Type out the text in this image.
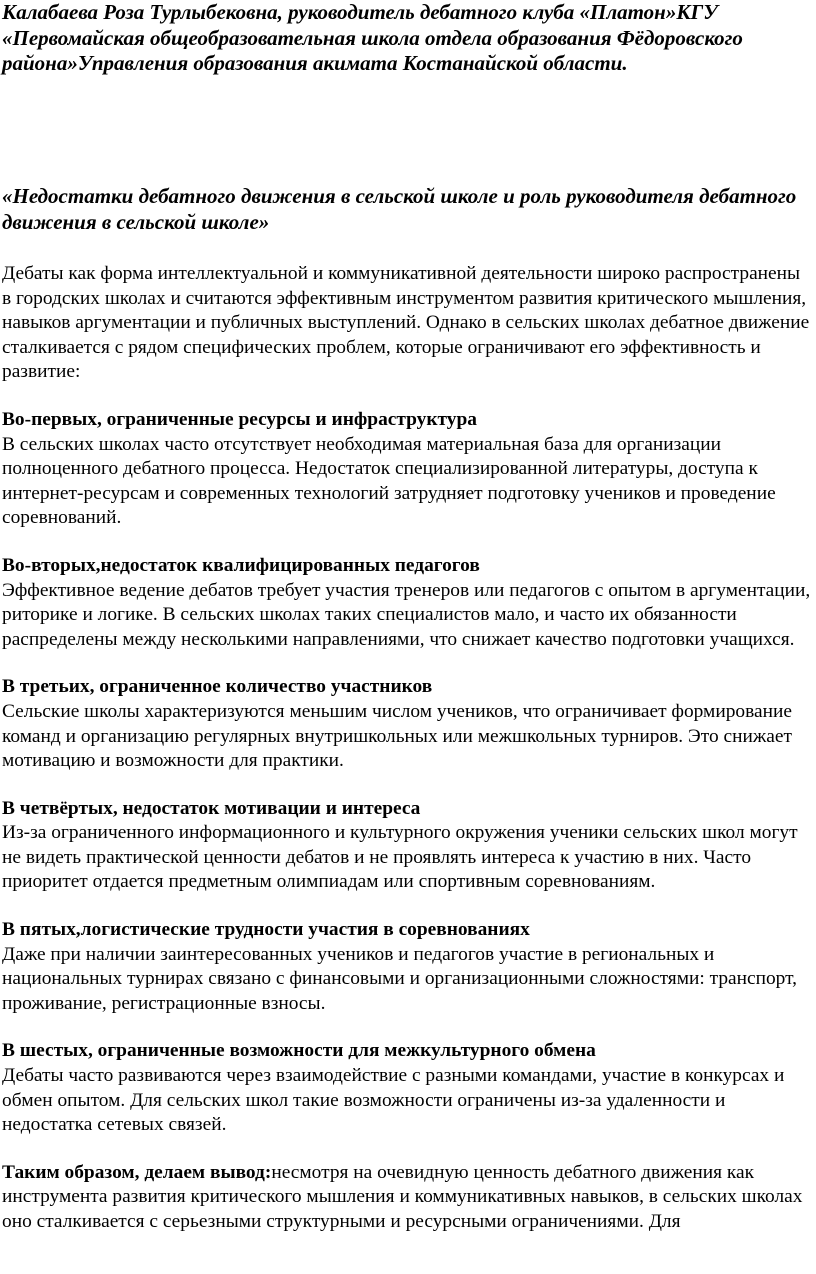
Калабаева Роза Турлыбековна, руководитель дебатного клуба «Платон»КГУ «Первомайская общеобразовательная школа отдела образования Фёдоровского района»Управления образования акимата Костанайской области.

«Недостатки дебатного движения в сельской школе и роль руководителя дебатного движения в сельской школе»

Дебаты как форма интеллектуальной и коммуникативной деятельности широко распространены в городских школах и считаются эффективным инструментом развития критического мышления, навыков аргументации и публичных выступлений. Однако в сельских школах дебатное движение сталкивается с рядом специфических проблем, которые ограничивают его эффективность и развитие:

Во-первых, ограниченные ресурсы и инфраструктура

В сельских школах часто отсутствует необходимая материальная база для организации полноценного дебатного процесса. Недостаток специализированной литературы, доступа к интернет-ресурсам и современных технологий затрудняет подготовку учеников и проведение соревнований.

Во-вторых,недостаток квалифицированных педагогов

Эффективное ведение дебатов требует участия тренеров или педагогов с опытом в аргументации, риторике и логике. В сельских школах таких специалистов мало, и часто их обязанности распределены между несколькими направлениями, что снижает качество подготовки учащихся.

В третьих, ограниченное количество участников

Сельские школы характеризуются меньшим числом учеников, что ограничивает формирование команд и организацию регулярных внутришкольных или межшкольных турниров. Это снижает мотивацию и возможности для практики.

В четвёртых, недостаток мотивации и интереса

Из-за ограниченного информационного и культурного окружения ученики сельских школ могут не видеть практической ценности дебатов и не проявлять интереса к участию в них. Часто приоритет отдается предметным олимпиадам или спортивным соревнованиям.

В пятых,логистические трудности участия в соревнованиях

Даже при наличии заинтересованных учеников и педагогов участие в региональных и национальных турнирах связано с финансовыми и организационными сложностями: транспорт, проживание, регистрационные взносы.

В шестых, ограниченные возможности для межкультурного обмена

Дебаты часто развиваются через взаимодействие с разными командами, участие в конкурсах и обмен опытом. Для сельских школ такие возможности ограничены из-за удаленности и недостатка сетевых связей.

Таким образом, делаем вывод:несмотря на очевидную ценность дебатного движения как инструмента развития критического мышления и коммуникативных навыков, в сельских школах оно сталкивается с серьезными структурными и ресурсными ограничениями. Для
